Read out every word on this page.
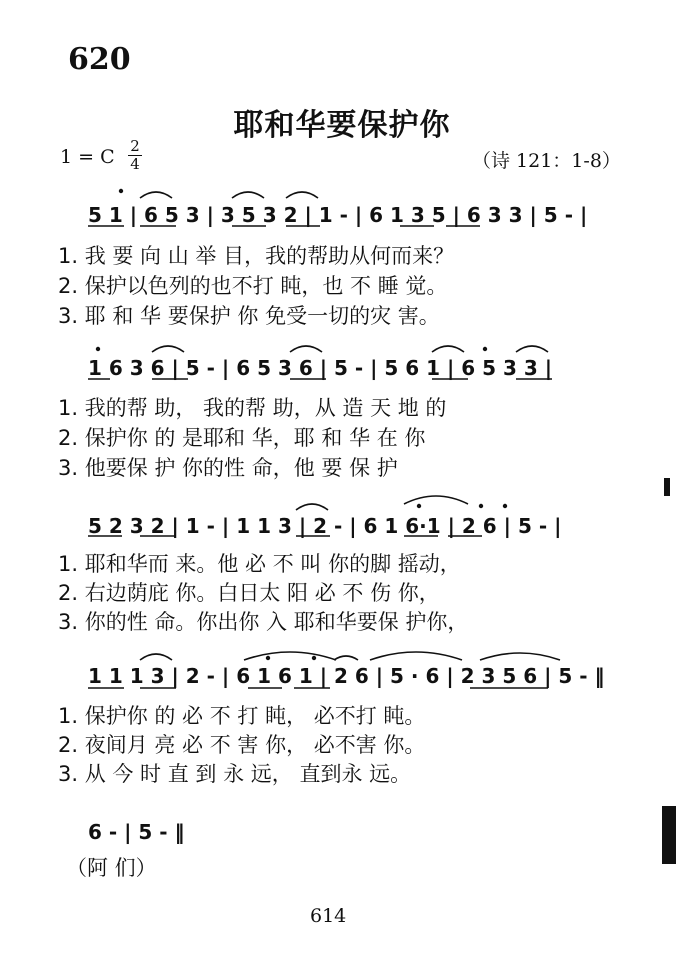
620
耶和华要保护你
1 = C 2
4	（诗 121：1-8）
5 1 | 6 5 3 | 3 5 3 2 | 1 - | 6 1 3 5 | 6 3 3 | 5 - |
1. 我 要 向 山 举 目，我的帮助从何而来？
2. 保护以色列的也不打 盹，也 不 睡 觉。
3. 耶 和 华 要保护 你 免受一切的灾 害。
1 6 3 6 | 5 - | 6 5 3 6 | 5 - | 5 6 1 | 6 5 3 3 |
1. 我的帮 助， 我的帮 助，从 造 天 地 的
2. 保护你 的 是耶和 华，耶 和 华 在 你
3. 他要保 护 你的性 命，他 要 保 护
5 2 3 2 | 1 - | 1 1 3 | 2 - | 6 1 6·1 | 2 6 | 5 - |
1. 耶和华而 来。他 必 不 叫 你的脚 摇动，
2. 右边荫庇 你。白日太 阳 必 不 伤 你，
3. 你的性 命。你出你 入 耶和华要保 护你，
1 1 1 3 | 2 - | 6 1 6 1 | 2 6 | 5 · 6 | 2 3 5 6 | 5 - ‖
1. 保护你 的 必 不 打 盹， 必不打 盹。
2. 夜间月 亮 必 不 害 你， 必不害 你。
3. 从 今 时 直 到 永 远， 直到永 远。
6 - | 5 - ‖
（阿 们）
614
